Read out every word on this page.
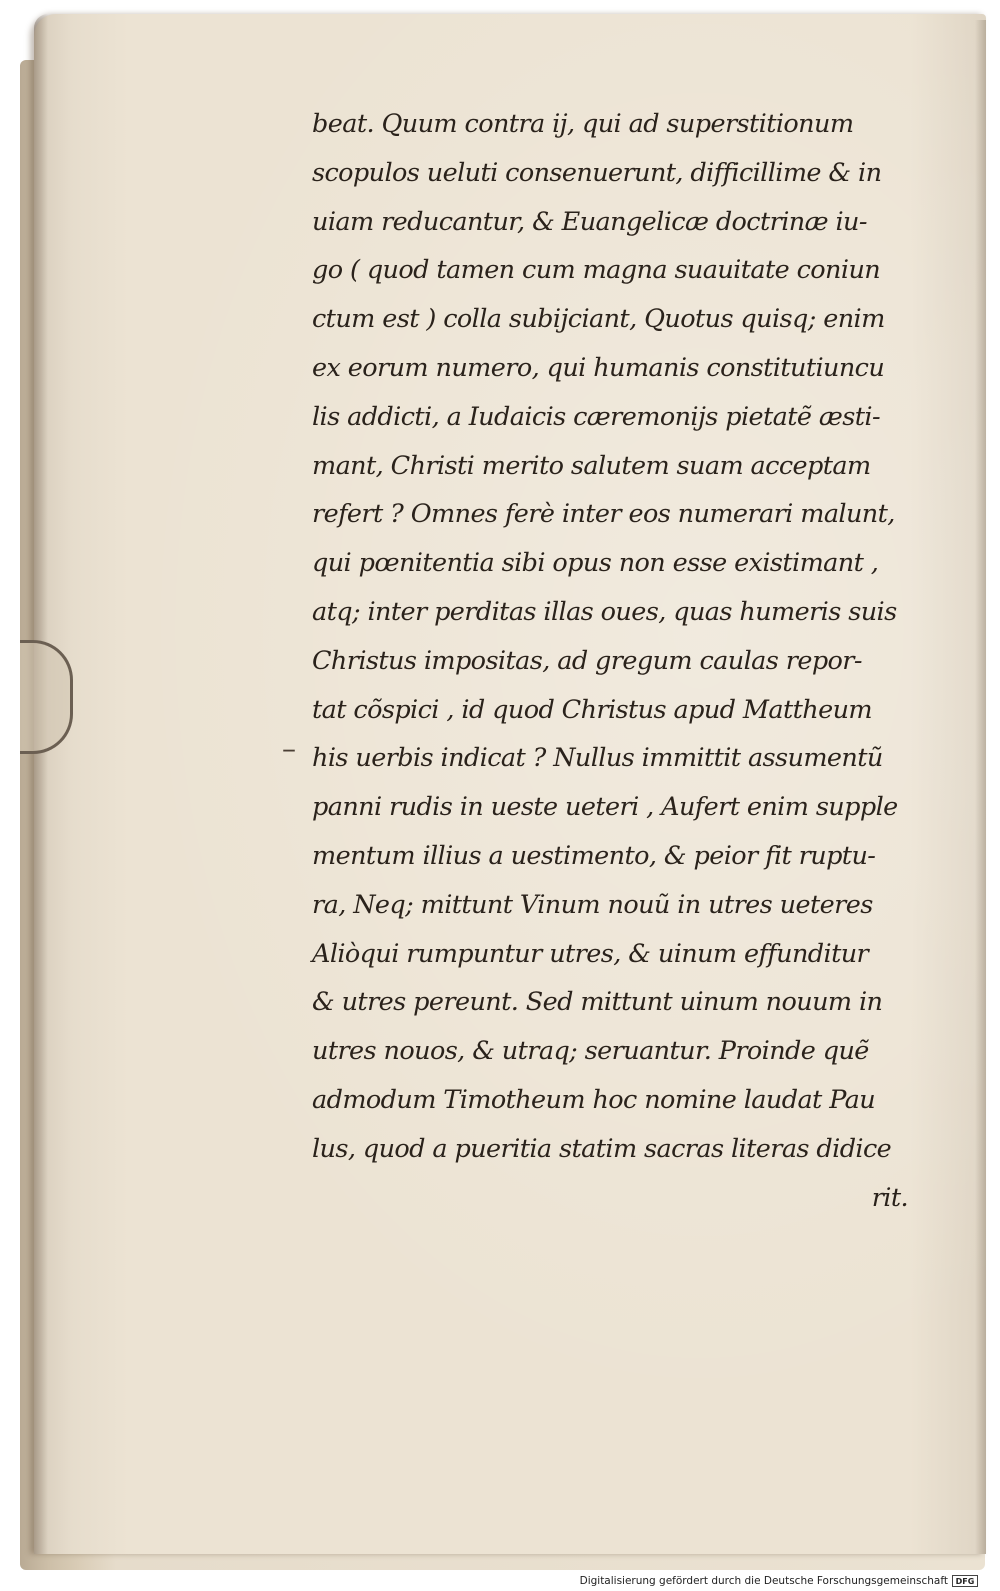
–
beat. Quum contra ij, qui ad superstitionum
scopulos ueluti consenuerunt, difficillime & in
uiam reducantur, & Euangelicæ doctrinæ iu-
go ( quod tamen cum magna suauitate coniun
ctum est ) colla subijciant, Quotus quisq; enim
ex eorum numero, qui humanis constitutiuncu
lis addicti, a Iudaicis cæremonijs pietatẽ æsti-
mant, Christi merito salutem suam acceptam
refert ? Omnes ferè inter eos numerari malunt,
qui pœnitentia sibi opus non esse existimant ,
atq; inter perditas illas oues, quas humeris suis
Christus impositas, ad gregum caulas repor-
tat cõspici , id quod Christus apud Mattheum
his uerbis indicat ? Nullus immittit assumentũ
panni rudis in ueste ueteri , Aufert enim supple
mentum illius a uestimento, & peior fit ruptu-
ra, Neq; mittunt Vinum nouũ in utres ueteres
Aliòqui rumpuntur utres, & uinum effunditur
& utres pereunt. Sed mittunt uinum nouum in
utres nouos, & utraq; seruantur. Proinde quẽ
admodum Timotheum hoc nomine laudat Pau
lus, quod a pueritia statim sacras literas didice
rit.
Digitalisierung gefördert durch die Deutsche Forschungsgemeinschaft DFG
